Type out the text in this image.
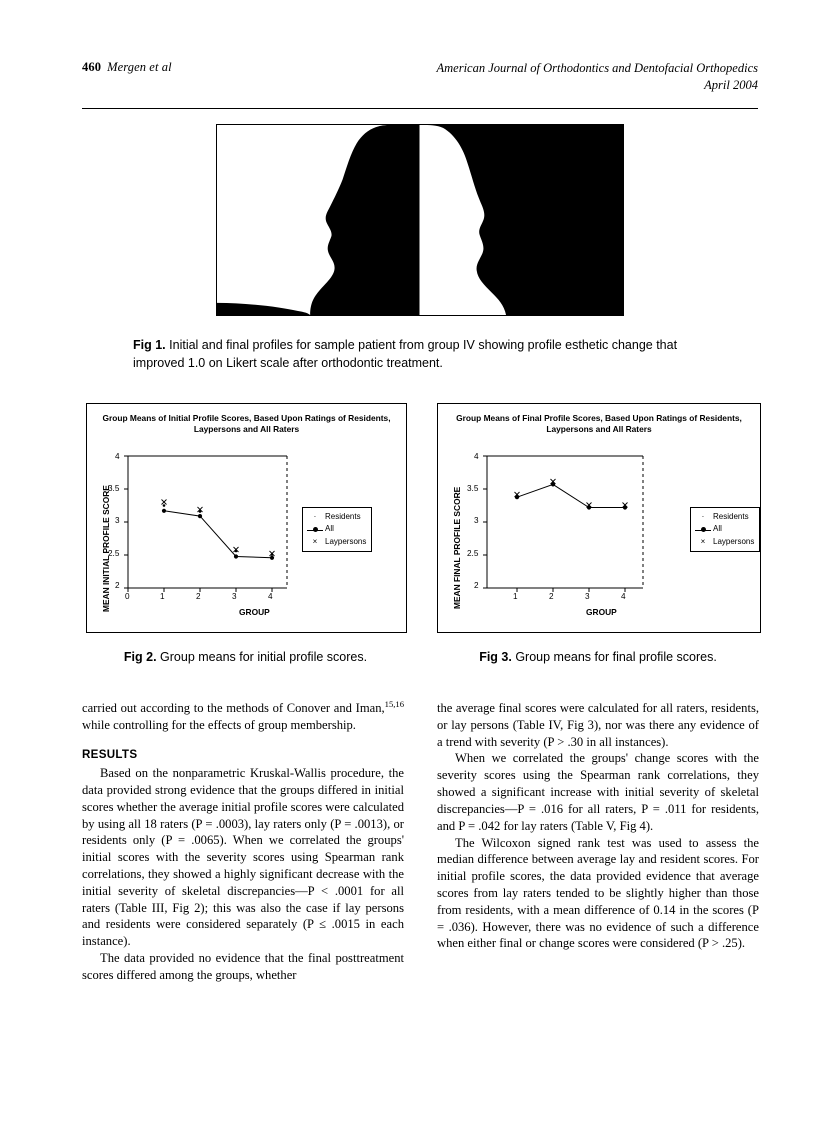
460 Mergen et al	American Journal of Orthodontics and Dentofacial Orthopedics
April 2004
Fig 1. Initial and final profiles for sample patient from group IV showing profile esthetic change that improved 1.0 on Likert scale after orthodontic treatment.
Group Means of Initial Profile Scores, Based Upon Ratings of Residents, Laypersons and All Raters
MEAN INITIAL PROFILE SCORE	GROUP
4
3.5
3
2.5
2
0	1	2	3	4
·	Residents
All
× Laypersons
Group Means of Final Profile Scores, Based Upon Ratings of Residents, Laypersons and All Raters
MEAN FINAL PROFILE SCORE
GROUP
4
3.5
3
2.5
2
1	2	3	4
·	Residents
All
× Laypersons
Fig 2. Group means for initial profile scores.	Fig 3. Group means for final profile scores.

carried out according to the methods of Conover and Iman,$^{15,16}$ while controlling for the effects of group membership.

RESULTS

Based on the nonparametric Kruskal-Wallis procedure, the data provided strong evidence that the groups differed in initial scores whether the average initial profile scores were calculated by using all 18 raters (P = .0003), lay raters only (P = .0013), or residents only (P = .0065). When we correlated the groups' initial scores with the severity scores using Spearman rank correlations, they showed a highly significant decrease with the initial severity of skeletal discrepancies—P < .0001 for all raters (Table III, Fig 2); this was also the case if lay persons and residents were considered separately (P ≤ .0015 in each instance).

The data provided no evidence that the final posttreatment scores differed among the groups, whether

the average final scores were calculated for all raters, residents, or lay persons (Table IV, Fig 3), nor was there any evidence of a trend with severity (P > .30 in all instances).

When we correlated the groups' change scores with the severity scores using the Spearman rank correlations, they showed a significant increase with initial severity of skeletal discrepancies—P = .016 for all raters, P = .011 for residents, and P = .042 for lay raters (Table V, Fig 4).

The Wilcoxon signed rank test was used to assess the median difference between average lay and resident scores. For initial profile scores, the data provided evidence that average scores from lay raters tended to be slightly higher than those from residents, with a mean difference of 0.14 in the scores (P = .036). However, there was no evidence of such a difference when either final or change scores were considered (P > .25).
